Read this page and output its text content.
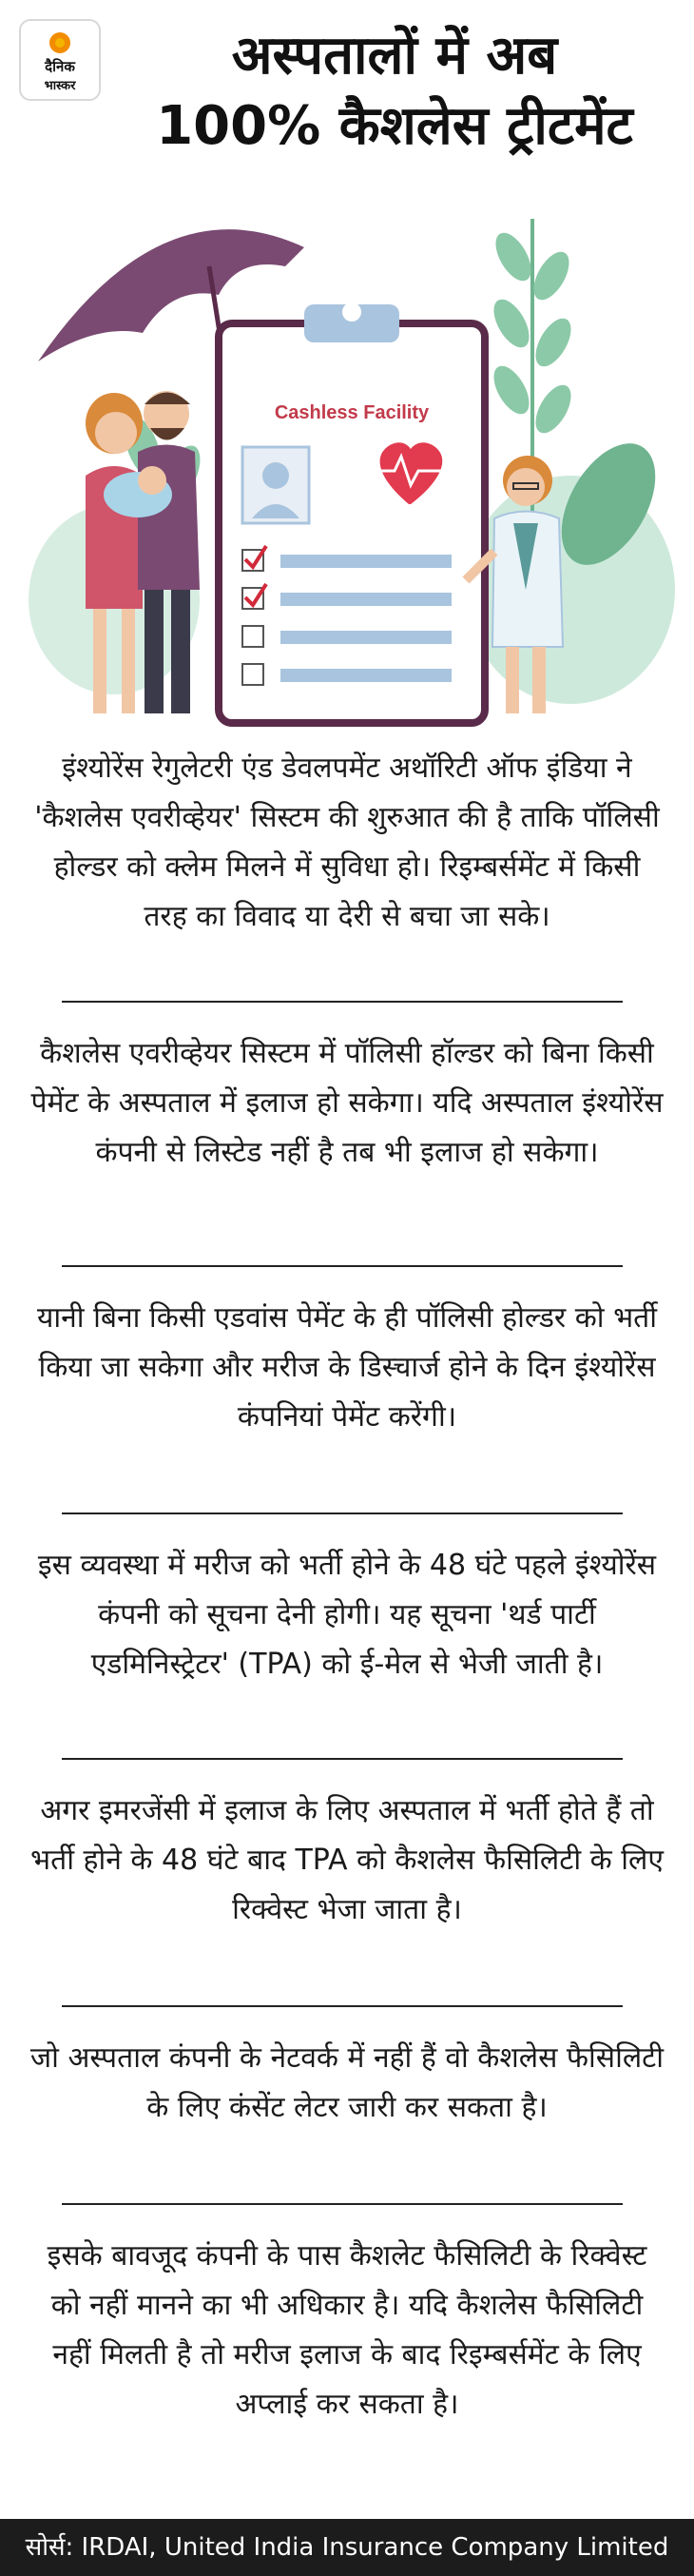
दैनिक
भास्कर	अस्पतालों में अब
100% कैशलेस ट्रीटमेंट
Cashless Facility
इंश्योरेंस रेगुलेटरी एंड डेवलपमेंट अथॉरिटी ऑफ इंडिया ने 'कैशलेस एवरीव्हेयर' सिस्टम की शुरुआत की है ताकि पॉलिसी होल्डर को क्लेम मिलने में सुविधा हो। रिइम्बर्समेंट में किसी तरह का विवाद या देरी से बचा जा सके।
कैशलेस एवरीव्हेयर सिस्टम में पॉलिसी हॉल्डर को बिना किसी पेमेंट के अस्पताल में इलाज हो सकेगा। यदि अस्पताल इंश्योरेंस कंपनी से लिस्टेड नहीं है तब भी इलाज हो सकेगा।
यानी बिना किसी एडवांस पेमेंट के ही पॉलिसी होल्डर को भर्ती किया जा सकेगा और मरीज के डिस्चार्ज होने के दिन इंश्योरेंस कंपनियां पेमेंट करेंगी।
इस व्यवस्था में मरीज को भर्ती होने के 48 घंटे पहले इंश्योरेंस कंपनी को सूचना देनी होगी। यह सूचना 'थर्ड पार्टी एडमिनिस्ट्रेटर' (TPA) को ई-मेल से भेजी जाती है।
अगर इमरजेंसी में इलाज के लिए अस्पताल में भर्ती होते हैं तो भर्ती होने के 48 घंटे बाद TPA को कैशलेस फैसिलिटी के लिए रिक्वेस्ट भेजा जाता है।
जो अस्पताल कंपनी के नेटवर्क में नहीं हैं वो कैशलेस फैसिलिटी के लिए कंसेंट लेटर जारी कर सकता है।
इसके बावजूद कंपनी के पास कैशलेट फैसिलिटी के रिक्वेस्ट को नहीं मानने का भी अधिकार है। यदि कैशलेस फैसिलिटी नहीं मिलती है तो मरीज इलाज के बाद रिइम्बर्समेंट के लिए अप्लाई कर सकता है।
सोर्स: IRDAI, United India Insurance Company Limited
